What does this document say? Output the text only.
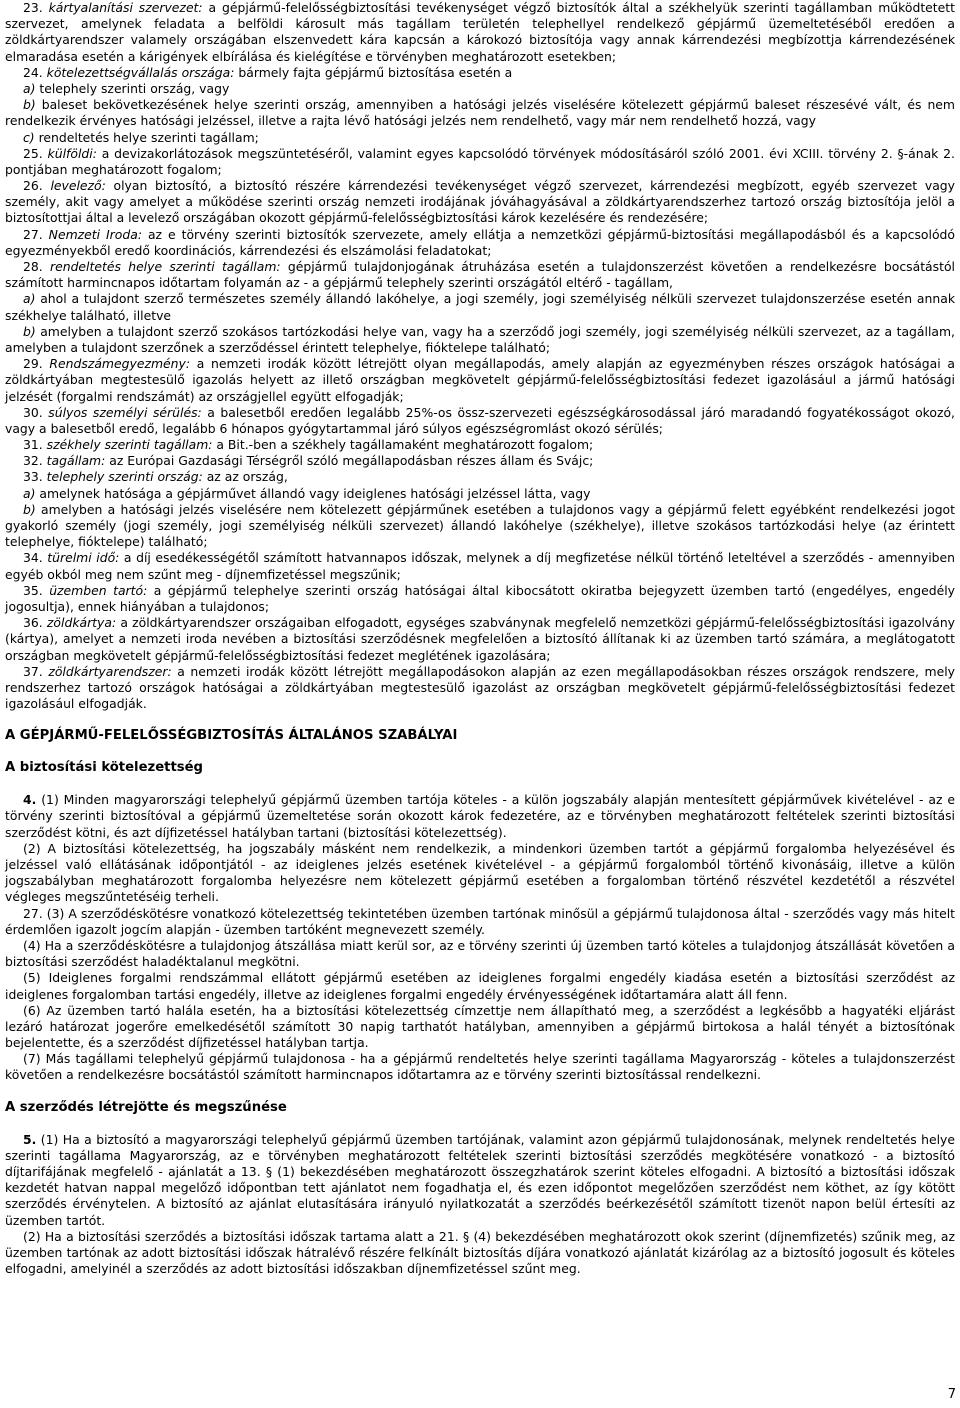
23. kártyalanítási szervezet: a gépjármű-felelősségbiztosítási tevékenységet végző biztosítók által a székhelyük szerinti tagállamban működtetett szervezet, amelynek feladata a belföldi károsult más tagállam területén telephellyel rendelkező gépjármű üzemeltetéséből eredően a zöldkártyarendszer valamely országában elszenvedett kára kapcsán a károkozó biztosítója vagy annak kárrendezési megbízottja kárrendezésének elmaradása esetén a kárigények elbírálása és kielégítése e törvényben meghatározott esetekben;

24. kötelezettségvállalás országa: bármely fajta gépjármű biztosítása esetén a

a) telephely szerinti ország, vagy

b) baleset bekövetkezésének helye szerinti ország, amennyiben a hatósági jelzés viselésére kötelezett gépjármű baleset részesévé vált, és nem rendelkezik érvényes hatósági jelzéssel, illetve a rajta lévő hatósági jelzés nem rendelhető, vagy már nem rendelhető hozzá, vagy

c) rendeltetés helye szerinti tagállam;

25. külföldi: a devizakorlátozások megszüntetéséről, valamint egyes kapcsolódó törvények módosításáról szóló 2001. évi XCIII. törvény 2. §-ának 2. pontjában meghatározott fogalom;

26. levelező: olyan biztosító, a biztosító részére kárrendezési tevékenységet végző szervezet, kárrendezési megbízott, egyéb szervezet vagy személy, akit vagy amelyet a működése szerinti ország nemzeti irodájának jóváhagyásával a zöldkártyarendszerhez tartozó ország biztosítója jelöl a biztosítottjai által a levelező országában okozott gépjármű-felelősségbiztosítási károk kezelésére és rendezésére;

27. Nemzeti Iroda: az e törvény szerinti biztosítók szervezete, amely ellátja a nemzetközi gépjármű-biztosítási megállapodásból és a kapcsolódó egyezményekből eredő koordinációs, kárrendezési és elszámolási feladatokat;

28. rendeltetés helye szerinti tagállam: gépjármű tulajdonjogának átruházása esetén a tulajdonszerzést követően a rendelkezésre bocsátástól számított harmincnapos időtartam folyamán az - a gépjármű telephely szerinti országától eltérő - tagállam,

a) ahol a tulajdont szerző természetes személy állandó lakóhelye, a jogi személy, jogi személyiség nélküli szervezet tulajdonszerzése esetén annak székhelye található, illetve

b) amelyben a tulajdont szerző szokásos tartózkodási helye van, vagy ha a szerződő jogi személy, jogi személyiség nélküli szervezet, az a tagállam, amelyben a tulajdont szerzőnek a szerződéssel érintett telephelye, fióktelepe található;

29. Rendszámegyezmény: a nemzeti irodák között létrejött olyan megállapodás, amely alapján az egyezményben részes országok hatóságai a zöldkártyában megtestesülő igazolás helyett az illető országban megkövetelt gépjármű-felelősségbiztosítási fedezet igazolásául a jármű hatósági jelzését (forgalmi rendszámát) az országjellel együtt elfogadják;

30. súlyos személyi sérülés: a balesetből eredően legalább 25%-os össz-szervezeti egészségkárosodással járó maradandó fogyatékosságot okozó, vagy a balesetből eredő, legalább 6 hónapos gyógytartammal járó súlyos egészségromlást okozó sérülés;

31. székhely szerinti tagállam: a Bit.-ben a székhely tagállamaként meghatározott fogalom;

32. tagállam: az Európai Gazdasági Térségről szóló megállapodásban részes állam és Svájc;

33. telephely szerinti ország: az az ország,

a) amelynek hatósága a gépjárművet állandó vagy ideiglenes hatósági jelzéssel látta, vagy

b) amelyben a hatósági jelzés viselésére nem kötelezett gépjárműnek esetében a tulajdonos vagy a gépjármű felett egyébként rendelkezési jogot gyakorló személy (jogi személy, jogi személyiség nélküli szervezet) állandó lakóhelye (székhelye), illetve szokásos tartózkodási helye (az érintett telephelye, fióktelepe) található;

34. türelmi idő: a díj esedékességétől számított hatvannapos időszak, melynek a díj megfizetése nélkül történő leteltével a szerződés - amennyiben egyéb okból meg nem szűnt meg - díjnemfizetéssel megszűnik;

35. üzemben tartó: a gépjármű telephelye szerinti ország hatóságai által kibocsátott okiratba bejegyzett üzemben tartó (engedélyes, engedély jogosultja), ennek hiányában a tulajdonos;

36. zöldkártya: a zöldkártyarendszer országaiban elfogadott, egységes szabványnak megfelelő nemzetközi gépjármű-felelősségbiztosítási igazolvány (kártya), amelyet a nemzeti iroda nevében a biztosítási szerződésnek megfelelően a biztosító állítanak ki az üzemben tartó számára, a meglátogatott országban megkövetelt gépjármű-felelősségbiztosítási fedezet meglétének igazolására;

37. zöldkártyarendszer: a nemzeti irodák között létrejött megállapodásokon alapján az ezen megállapodásokban részes országok rendszere, mely rendszerhez tartozó országok hatóságai a zöldkártyában megtestesülő igazolást az országban megkövetelt gépjármű-felelősségbiztosítási fedezet igazolásául elfogadják.

A GÉPJÁRMŰ-FELELŐSSÉGBIZTOSÍTÁS ÁLTALÁNOS SZABÁLYAI
A biztosítási kötelezettség

4. (1) Minden magyarországi telephelyű gépjármű üzemben tartója köteles - a külön jogszabály alapján mentesített gépjárművek kivételével - az e törvény szerinti biztosítóval a gépjármű üzemeltetése során okozott károk fedezetére, az e törvényben meghatározott feltételek szerinti biztosítási szerződést kötni, és azt díjfizetéssel hatályban tartani (biztosítási kötelezettség).

(2) A biztosítási kötelezettség, ha jogszabály másként nem rendelkezik, a mindenkori üzemben tartót a gépjármű forgalomba helyezésével és jelzéssel való ellátásának időpontjától - az ideiglenes jelzés esetének kivételével - a gépjármű forgalomból történő kivonásáig, illetve a külön jogszabályban meghatározott forgalomba helyezésre nem kötelezett gépjármű esetében a forgalomban történő részvétel kezdetétől a részvétel végleges megszűntetéséig terheli.

27. (3) A szerződéskötésre vonatkozó kötelezettség tekintetében üzemben tartónak minősül a gépjármű tulajdonosa által - szerződés vagy más hitelt érdemlően igazolt jogcím alapján - üzemben tartóként megnevezett személy.

(4) Ha a szerződéskötésre a tulajdonjog átszállása miatt kerül sor, az e törvény szerinti új üzemben tartó köteles a tulajdonjog átszállását követően a biztosítási szerződést haladéktalanul megkötni.

(5) Ideiglenes forgalmi rendszámmal ellátott gépjármű esetében az ideiglenes forgalmi engedély kiadása esetén a biztosítási szerződést az ideiglenes forgalomban tartási engedély, illetve az ideiglenes forgalmi engedély érvényességének időtartamára alatt áll fenn.

(6) Az üzemben tartó halála esetén, ha a biztosítási kötelezettség címzettje nem állapítható meg, a szerződést a legkésőbb a hagyatéki eljárást lezáró határozat jogerőre emelkedésétől számított 30 napig tarthatót hatályban, amennyiben a gépjármű birtokosa a halál tényét a biztosítónak bejelentette, és a szerződést díjfizetéssel hatályban tartja.

(7) Más tagállami telephelyű gépjármű tulajdonosa - ha a gépjármű rendeltetés helye szerinti tagállama Magyarország - köteles a tulajdonszerzést követően a rendelkezésre bocsátástól számított harmincnapos időtartamra az e törvény szerinti biztosítással rendelkezni.

A szerződés létrejötte és megszűnése

5. (1) Ha a biztosító a magyarországi telephelyű gépjármű üzemben tartójának, valamint azon gépjármű tulajdonosának, melynek rendeltetés helye szerinti tagállama Magyarország, az e törvényben meghatározott feltételek szerinti biztosítási szerződés megkötésére vonatkozó - a biztosító díjtarifájának megfelelő - ajánlatát a 13. § (1) bekezdésében meghatározott összegzhatárok szerint köteles elfogadni. A biztosító a biztosítási időszak kezdetét hatvan nappal megelőző időpontban tett ajánlatot nem fogadhatja el, és ezen időpontot megelőzően szerződést nem köthet, az így kötött szerződés érvénytelen. A biztosító az ajánlat elutasítására irányuló nyilatkozatát a szerződés beérkezésétől számított tizenöt napon belül értesíti az üzemben tartót.

(2) Ha a biztosítási szerződés a biztosítási időszak tartama alatt a 21. § (4) bekezdésében meghatározott okok szerint (díjnemfizetés) szűnik meg, az üzemben tartónak az adott biztosítási időszak hátralévő részére felkínált biztosítás díjára vonatkozó ajánlatát kizárólag az a biztosító jogosult és köteles elfogadni, amelyinél a szerződés az adott biztosítási időszakban díjnemfizetéssel szűnt meg.

7
